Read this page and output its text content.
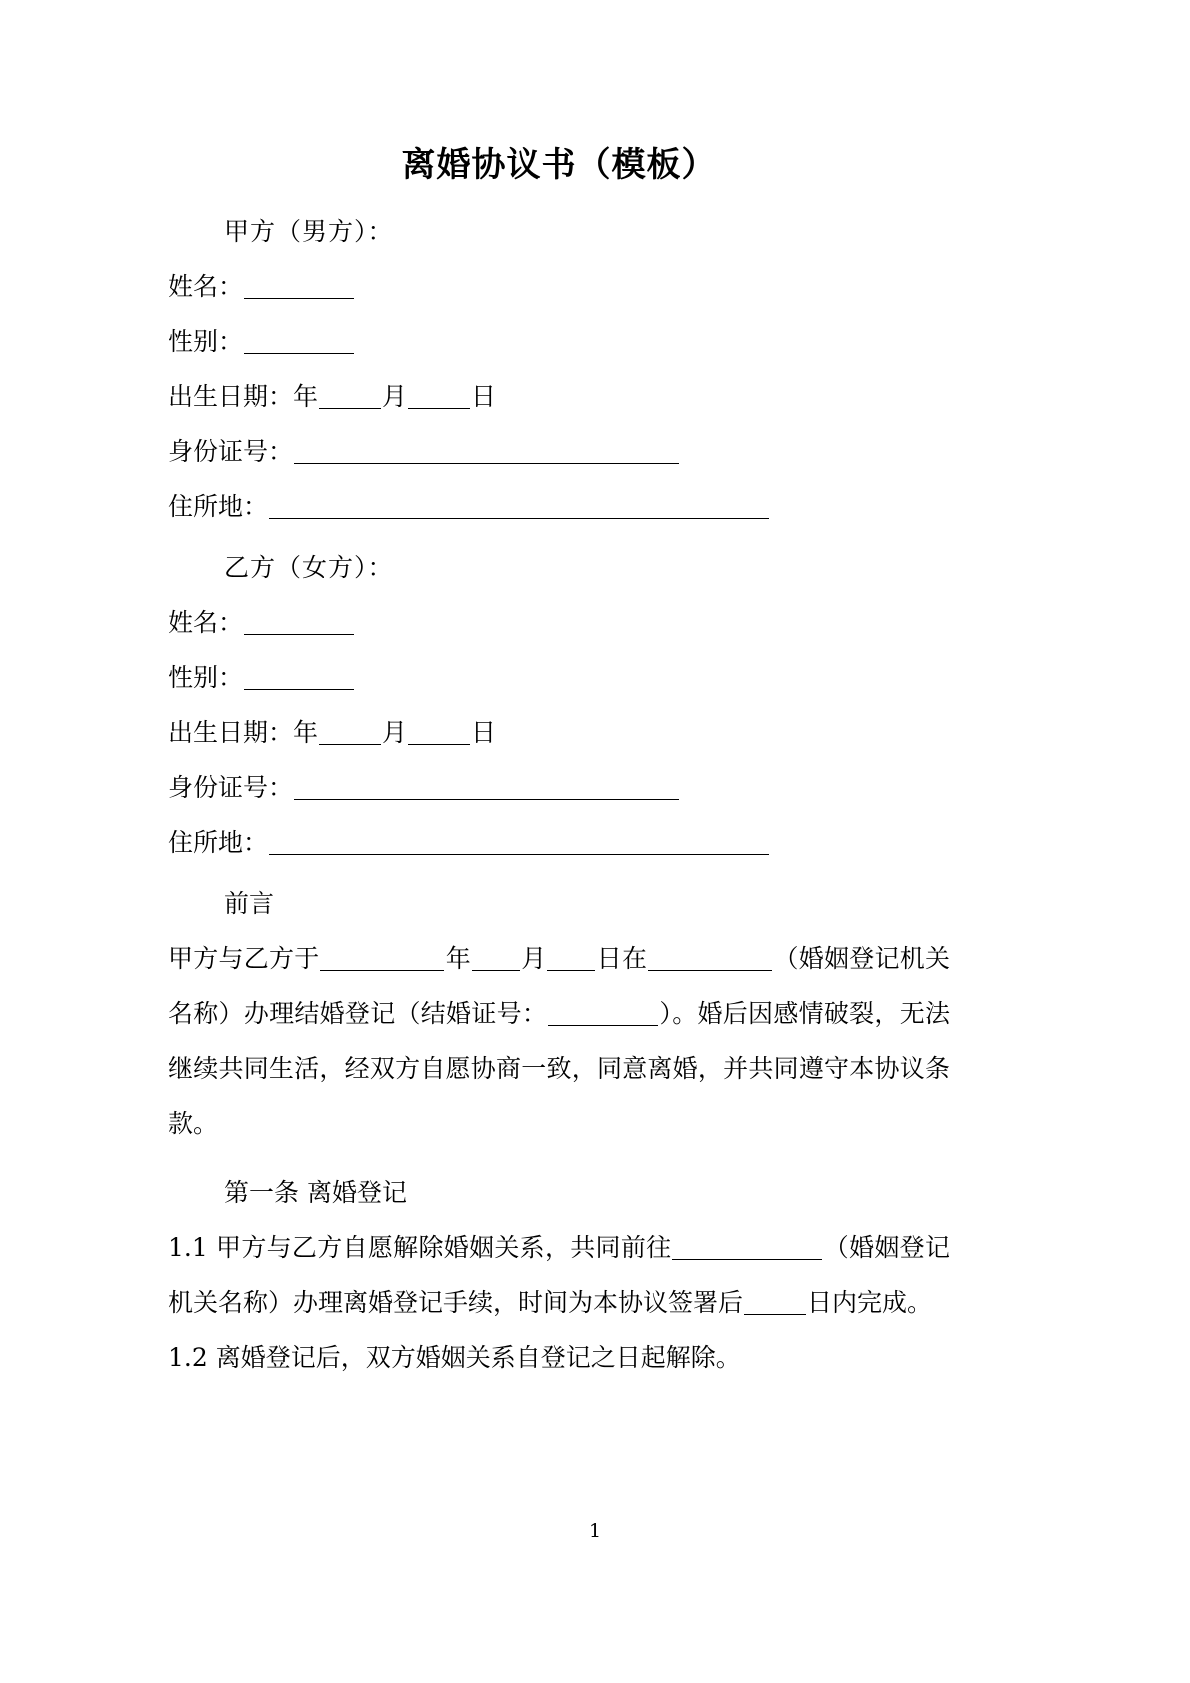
离婚协议书（模板）

甲方（男方）：

姓名：

性别：

出生日期：年	月	日

身份证号：

住所地：

乙方（女方）：

姓名：

性别：

出生日期：年	月	日

身份证号：

住所地：

前言

甲方与乙方于	年 月 日在	（婚姻登记机关名称）办理结婚登记（结婚证号：	）。婚后因感情破裂，无法继续共同生活，经双方自愿协商一致，同意离婚，并共同遵守本协议条款。

第一条 离婚登记

1.1 甲方与乙方自愿解除婚姻关系，共同前往	（婚姻登记机关名称）办理离婚登记手续，时间为本协议签署后	日内完成。

1.2 离婚登记后，双方婚姻关系自登记之日起解除。

1
